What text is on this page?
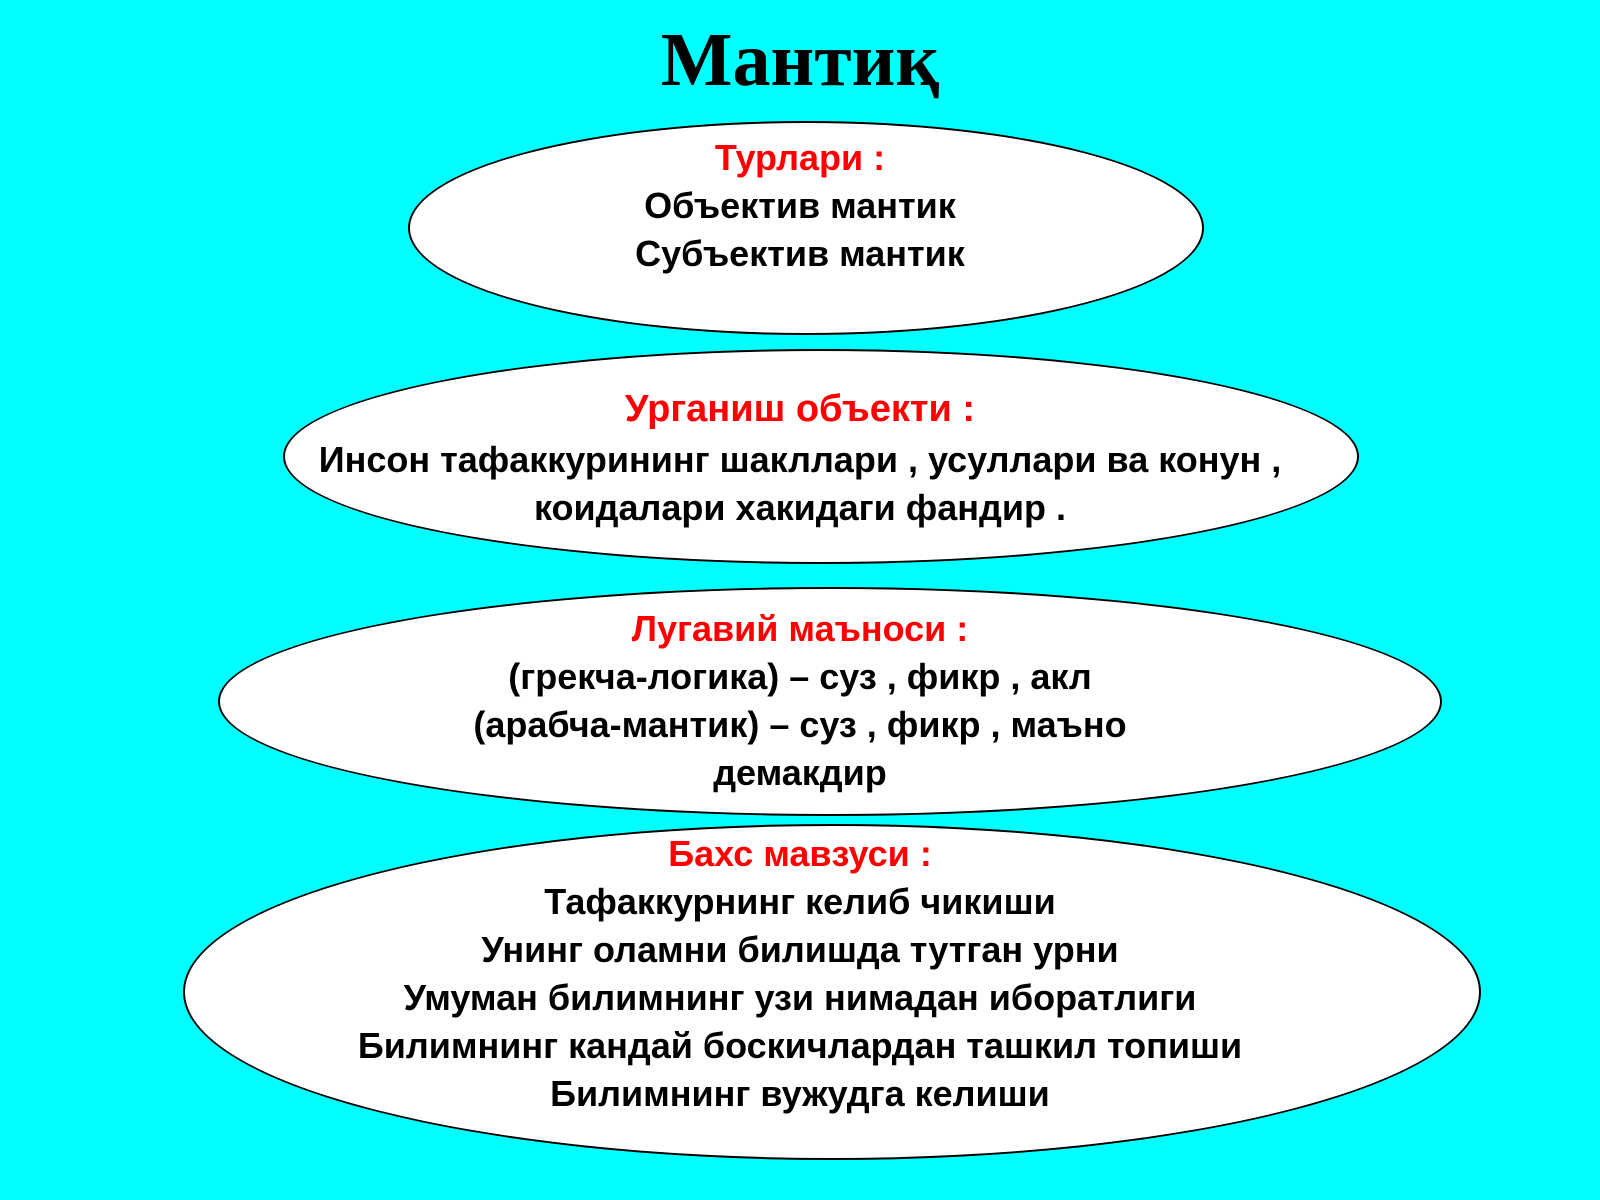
Мантиқ
Турлари :
Объектив мантик
Субъектив мантик
Урганиш объекти :
Инсон тафаккурининг шакллари , усуллари ва конун ,
коидалари хакидаги фандир .
Лугавий маъноси :
(грекча-логика) – суз , фикр , акл
(арабча-мантик) – суз , фикр , маъно
демакдир
Бахс мавзуси :
Тафаккурнинг келиб чикиши
Унинг оламни билишда тутган урни
Умуман билимнинг узи нимадан иборатлиги
Билимнинг кандай боскичлардан ташкил топиши
Билимнинг вужудга келиши
